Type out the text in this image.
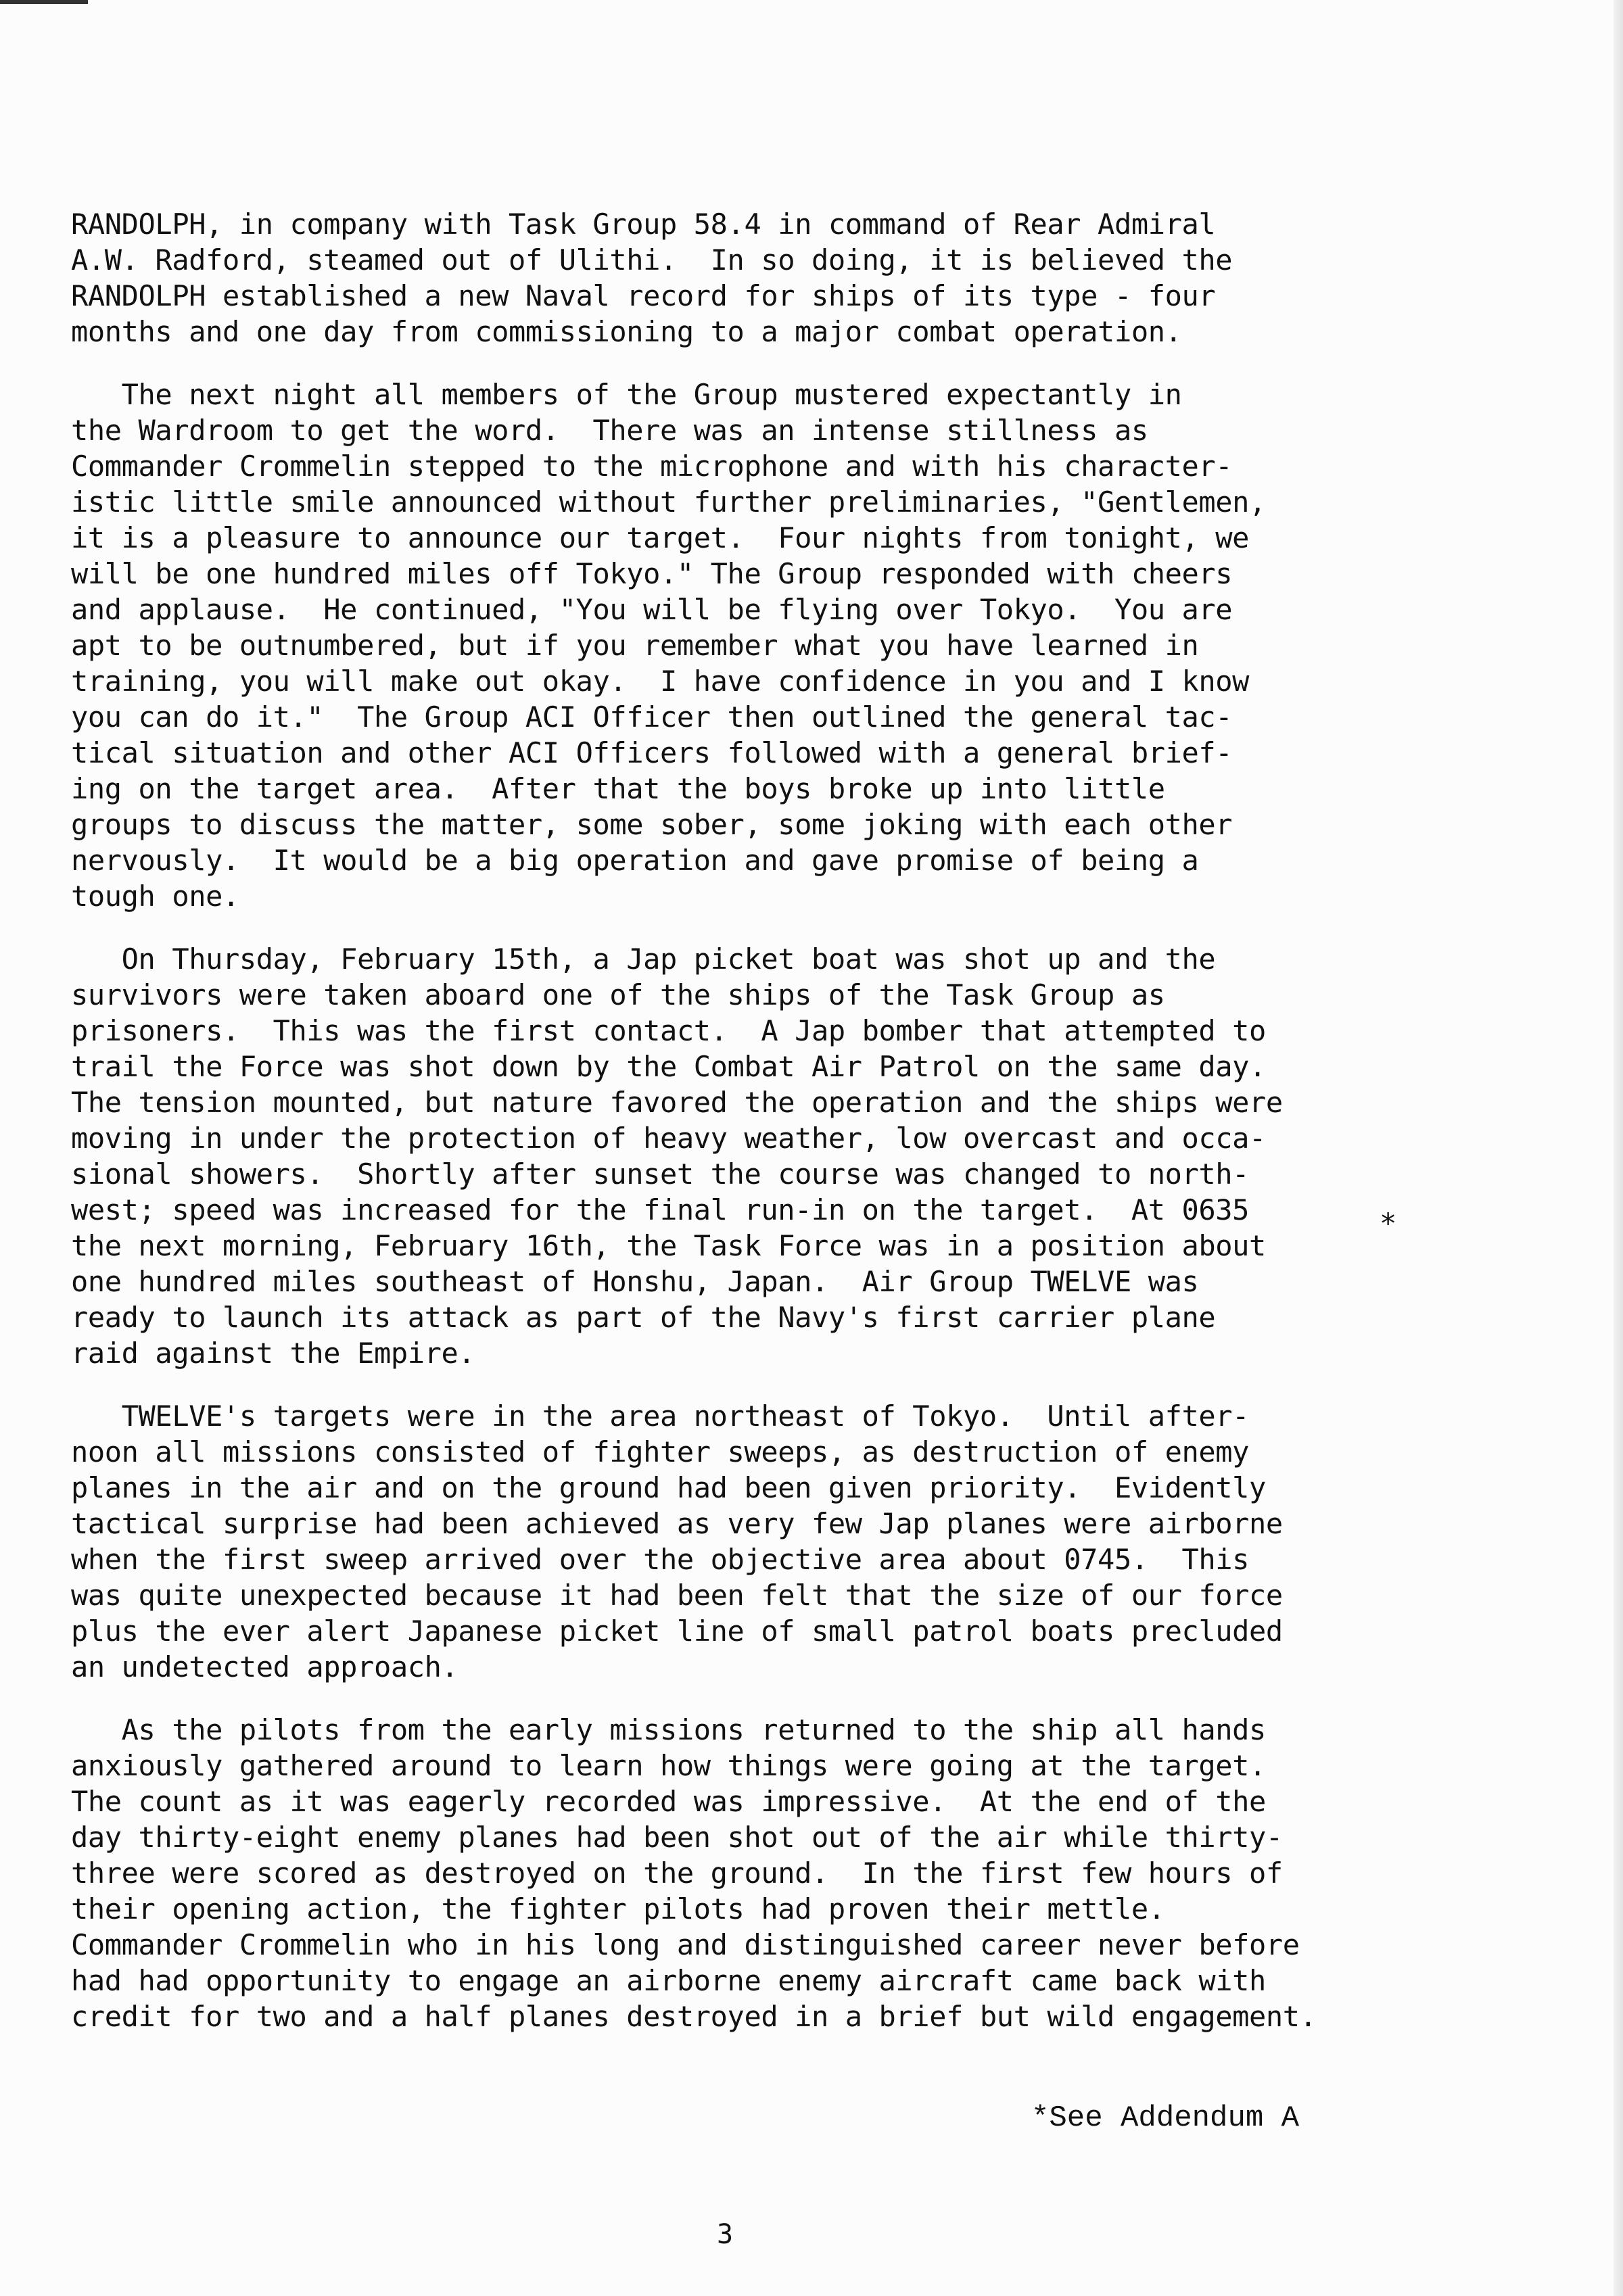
RANDOLPH, in company with Task Group 58.4 in command of Rear Admiral
A.W. Radford, steamed out of Ulithi.  In so doing, it is believed the
RANDOLPH established a new Naval record for ships of its type - four
months and one day from commissioning to a major combat operation.

The next night all members of the Group mustered expectantly in
the Wardroom to get the word.  There was an intense stillness as
Commander Crommelin stepped to the microphone and with his character-
istic little smile announced without further preliminaries, "Gentlemen,
it is a pleasure to announce our target.  Four nights from tonight, we
will be one hundred miles off Tokyo." The Group responded with cheers
and applause.  He continued, "You will be flying over Tokyo.  You are
apt to be outnumbered, but if you remember what you have learned in
training, you will make out okay.  I have confidence in you and I know
you can do it."  The Group ACI Officer then outlined the general tac-
tical situation and other ACI Officers followed with a general brief-
ing on the target area.  After that the boys broke up into little
groups to discuss the matter, some sober, some joking with each other
nervously.  It would be a big operation and gave promise of being a
tough one.

On Thursday, February 15th, a Jap picket boat was shot up and the
survivors were taken aboard one of the ships of the Task Group as
prisoners.  This was the first contact.  A Jap bomber that attempted to
trail the Force was shot down by the Combat Air Patrol on the same day.
The tension mounted, but nature favored the operation and the ships were
moving in under the protection of heavy weather, low overcast and occa-
sional showers.  Shortly after sunset the course was changed to north-
west; speed was increased for the final run-in on the target.  At 0635
the next morning, February 16th, the Task Force was in a position about
one hundred miles southeast of Honshu, Japan.  Air Group TWELVE was
ready to launch its attack as part of the Navy's first carrier plane
raid against the Empire.

TWELVE's targets were in the area northeast of Tokyo.  Until after-
noon all missions consisted of fighter sweeps, as destruction of enemy
planes in the air and on the ground had been given priority.  Evidently
tactical surprise had been achieved as very few Jap planes were airborne
when the first sweep arrived over the objective area about 0745.  This
was quite unexpected because it had been felt that the size of our force
plus the ever alert Japanese picket line of small patrol boats precluded
an undetected approach.

As the pilots from the early missions returned to the ship all hands
anxiously gathered around to learn how things were going at the target.
The count as it was eagerly recorded was impressive.  At the end of the
day thirty-eight enemy planes had been shot out of the air while thirty-
three were scored as destroyed on the ground.  In the first few hours of
their opening action, the fighter pilots had proven their mettle.
Commander Crommelin who in his long and distinguished career never before
had had opportunity to engage an airborne enemy aircraft came back with
credit for two and a half planes destroyed in a brief but wild engagement.

*
*See Addendum A
3
